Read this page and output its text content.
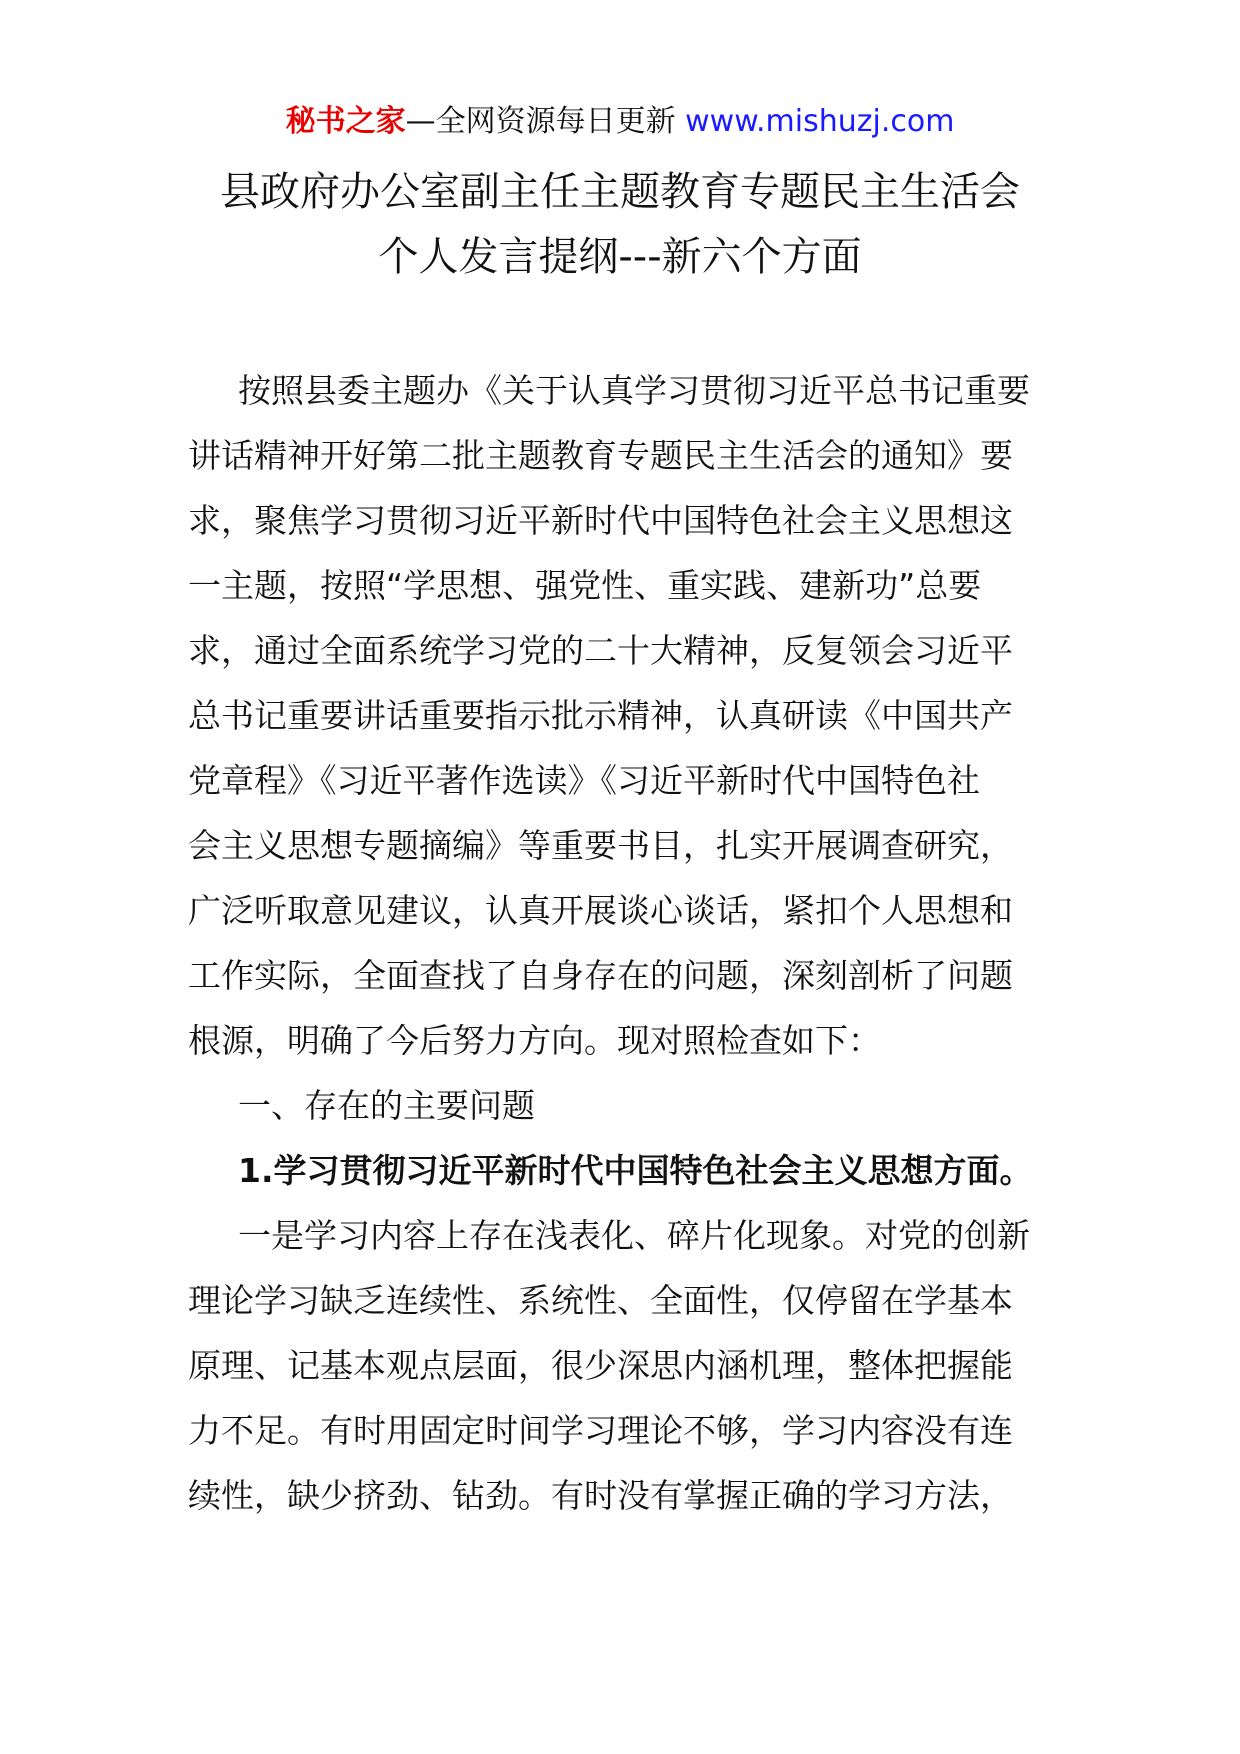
秘书之家—全网资源每日更新 www.mishuzj.com
县政府办公室副主任主题教育专题民主生活会
个人发言提纲---新六个方面
按照县委主题办《关于认真学习贯彻习近平总书记重要
讲话精神开好第二批主题教育专题民主生活会的通知》要
求，聚焦学习贯彻习近平新时代中国特色社会主义思想这
一主题，按照“学思想、强党性、重实践、建新功”总要
求，通过全面系统学习党的二十大精神，反复领会习近平
总书记重要讲话重要指示批示精神，认真研读《中国共产
党章程》《习近平著作选读》《习近平新时代中国特色社
会主义思想专题摘编》等重要书目，扎实开展调查研究，
广泛听取意见建议，认真开展谈心谈话，紧扣个人思想和
工作实际，全面查找了自身存在的问题，深刻剖析了问题
根源，明确了今后努力方向。现对照检查如下：
一、存在的主要问题
1.学习贯彻习近平新时代中国特色社会主义思想方面。
一是学习内容上存在浅表化、碎片化现象。对党的创新
理论学习缺乏连续性、系统性、全面性，仅停留在学基本
原理、记基本观点层面，很少深思内涵机理，整体把握能
力不足。有时用固定时间学习理论不够，学习内容没有连
续性，缺少挤劲、钻劲。有时没有掌握正确的学习方法，
